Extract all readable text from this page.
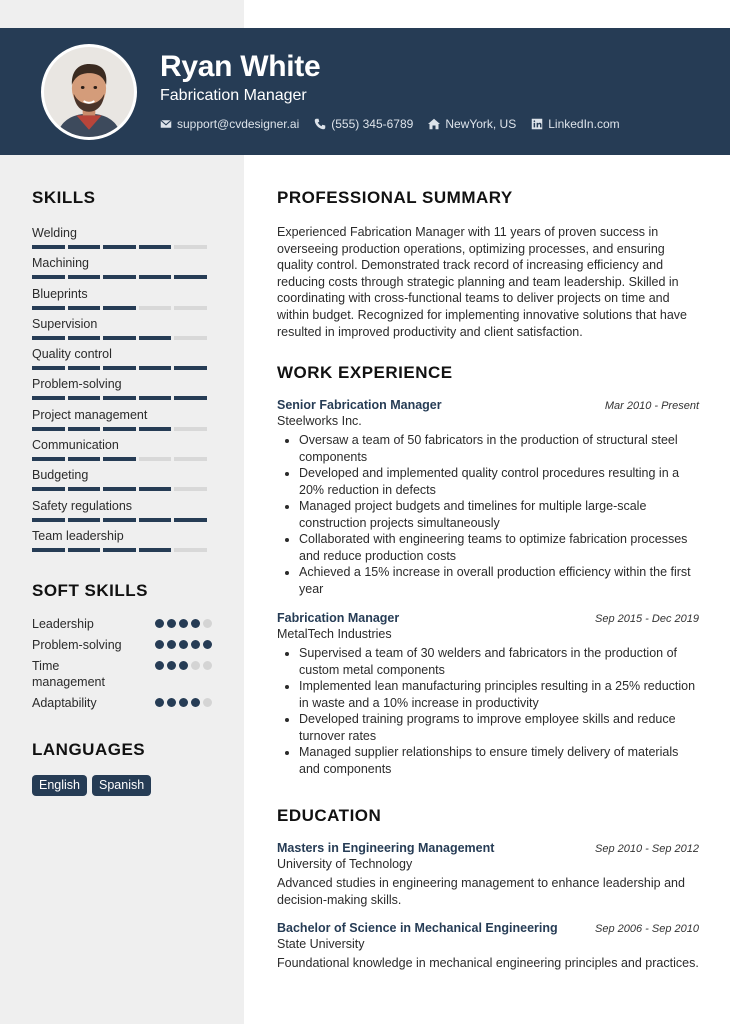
Ryan White
Fabrication Manager
support@cvdesigner.ai	(555) 345-6789	NewYork, US	LinkedIn.com
SKILLS
Welding
Machining
Blueprints
Supervision
Quality control
Problem-solving
Project management
Communication
Budgeting
Safety regulations
Team leadership
SOFT SKILLS
Leadership
Problem-solving
Time management
Adaptability
LANGUAGES
English	Spanish
PROFESSIONAL SUMMARY
Experienced Fabrication Manager with 11 years of proven success in overseeing production operations, optimizing processes, and ensuring quality control. Demonstrated track record of increasing efficiency and reducing costs through strategic planning and team leadership. Skilled in coordinating with cross-functional teams to deliver projects on time and within budget. Recognized for implementing innovative solutions that have resulted in improved productivity and client satisfaction.
WORK EXPERIENCE
Senior Fabrication Manager	Mar 2010 - Present
Steelworks Inc.
• Oversaw a team of 50 fabricators in the production of structural steel components
• Developed and implemented quality control procedures resulting in a 20% reduction in defects
• Managed project budgets and timelines for multiple large-scale construction projects simultaneously
• Collaborated with engineering teams to optimize fabrication processes and reduce production costs
• Achieved a 15% increase in overall production efficiency within the first year
Fabrication Manager	Sep 2015 - Dec 2019
MetalTech Industries
• Supervised a team of 30 welders and fabricators in the production of custom metal components
• Implemented lean manufacturing principles resulting in a 25% reduction in waste and a 10% increase in productivity
• Developed training programs to improve employee skills and reduce turnover rates
• Managed supplier relationships to ensure timely delivery of materials and components
EDUCATION
Masters in Engineering Management	Sep 2010 - Sep 2012
University of Technology
Advanced studies in engineering management to enhance leadership and decision-making skills.
Bachelor of Science in Mechanical Engineering	Sep 2006 - Sep 2010
State University
Foundational knowledge in mechanical engineering principles and practices.
